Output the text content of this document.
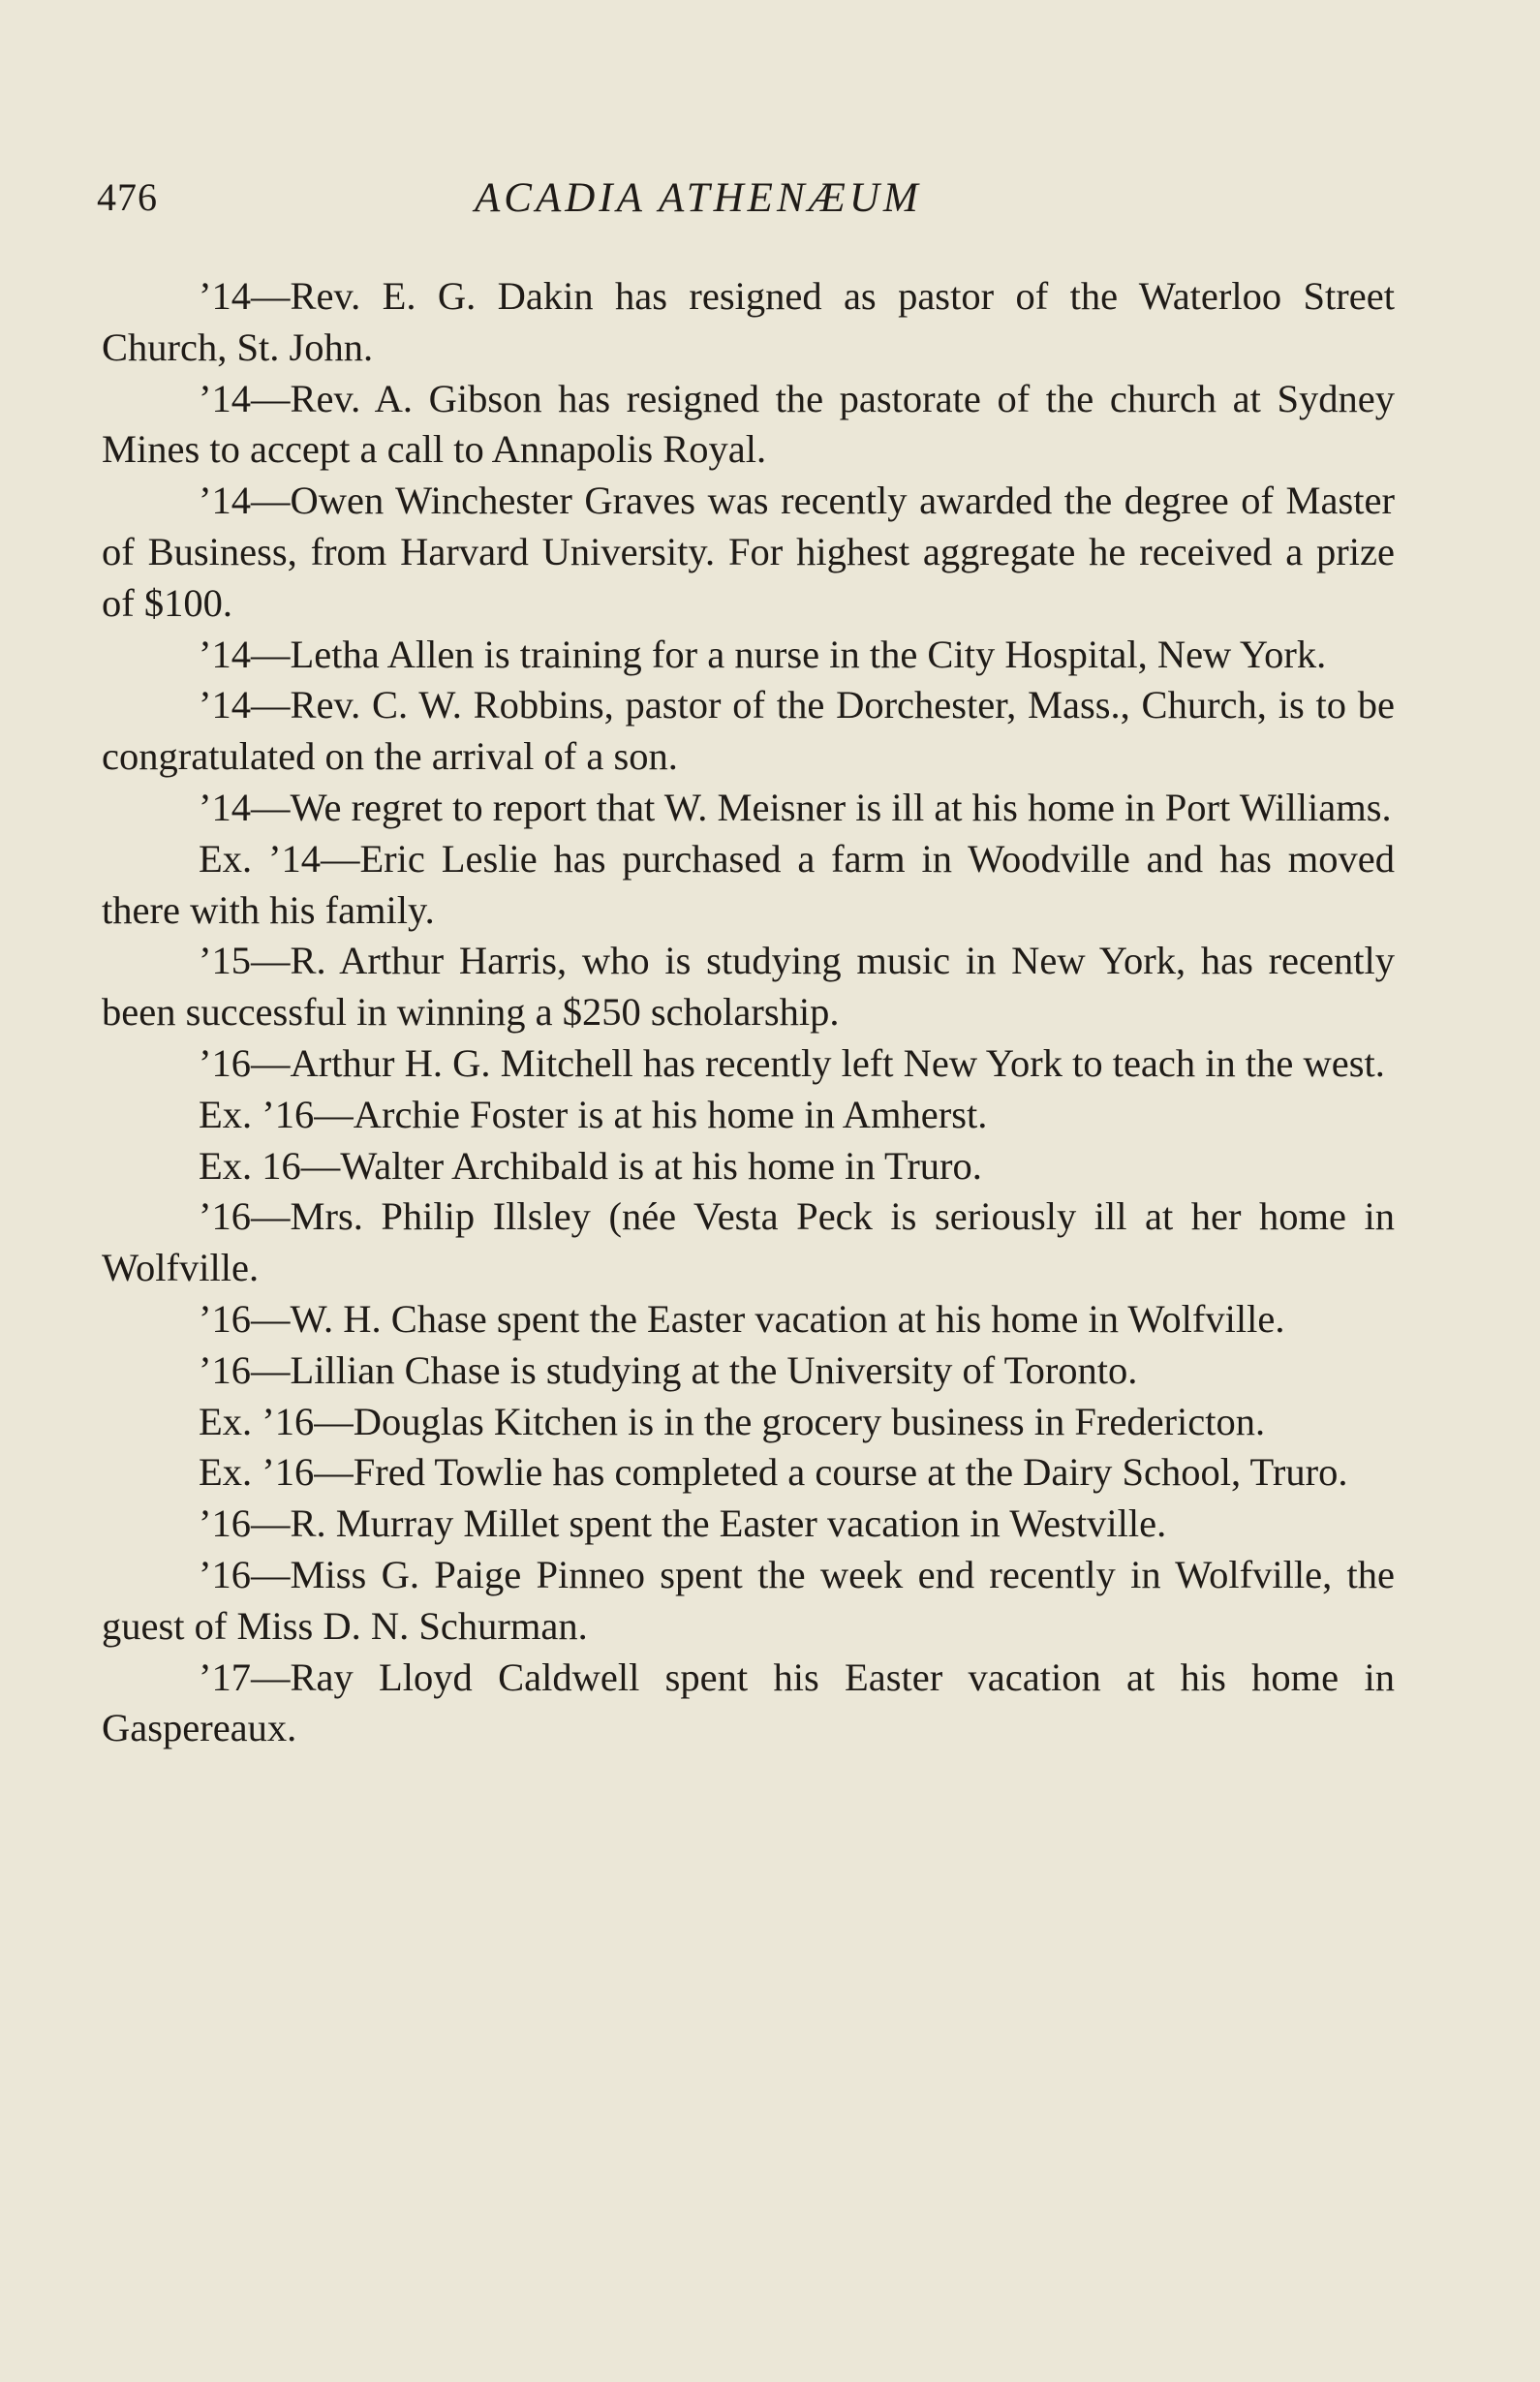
476	ACADIA ATHENÆUM

’14—Rev. E. G. Dakin has resigned as pastor of the Waterloo Street Church, St. John.

’14—Rev. A. Gibson has resigned the pastorate of the church at Sydney Mines to accept a call to Annapolis Royal.

’14—Owen Winchester Graves was recently awarded the degree of Master of Business, from Harvard University. For highest aggregate he received a prize of $100.

’14—Letha Allen is training for a nurse in the City Hospital, New York.

’14—Rev. C. W. Robbins, pastor of the Dorchester, Mass., Church, is to be congratulated on the arrival of a son.

’14—We regret to report that W. Meisner is ill at his home in Port Williams.

Ex. ’14—Eric Leslie has purchased a farm in Woodville and has moved there with his family.

’15—R. Arthur Harris, who is studying music in New York, has recently been successful in winning a $250 scholarship.

’16—Arthur H. G. Mitchell has recently left New York to teach in the west.

Ex. ’16—Archie Foster is at his home in Amherst.

Ex. 16—Walter Archibald is at his home in Truro.

’16—Mrs. Philip Illsley (née Vesta Peck is seriously ill at her home in Wolfville.

’16—W. H. Chase spent the Easter vacation at his home in Wolfville.

’16—Lillian Chase is studying at the University of Toronto.

Ex. ’16—Douglas Kitchen is in the grocery business in Fredericton.

Ex. ’16—Fred Towlie has completed a course at the Dairy School, Truro.

’16—R. Murray Millet spent the Easter vacation in Westville.

’16—Miss G. Paige Pinneo spent the week end recently in Wolfville, the guest of Miss D. N. Schurman.

’17—Ray Lloyd Caldwell spent his Easter vacation at his home in Gaspereaux.
